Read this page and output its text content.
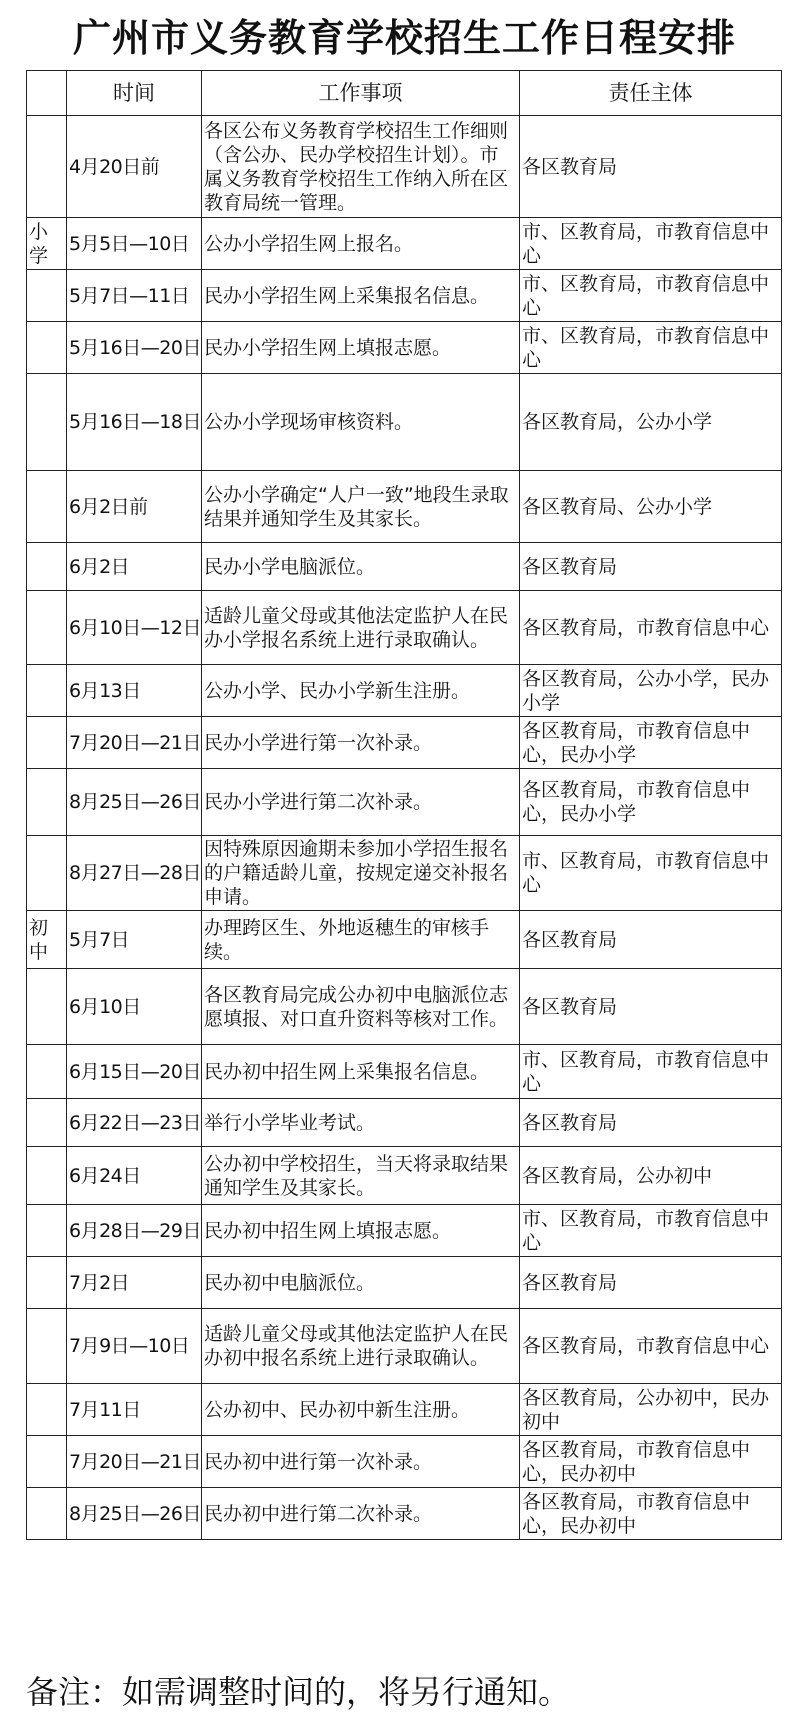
广州市义务教育学校招生工作日程安排
	时间	工作事项	责任主体
	4月20日前	各区公布义务教育学校招生工作细则（含公办、民办学校招生计划）。市属义务教育学校招生工作纳入所在区教育局统一管理。	各区教育局
小学	5月5日—10日	公办小学招生网上报名。	市、区教育局，市教育信息中心
	5月7日—11日	民办小学招生网上采集报名信息。	市、区教育局，市教育信息中心
	5月16日—20日	民办小学招生网上填报志愿。	市、区教育局，市教育信息中心
	5月16日—18日	公办小学现场审核资料。	各区教育局，公办小学
	6月2日前	公办小学确定“人户一致”地段生录取结果并通知学生及其家长。	各区教育局、公办小学
	6月2日	民办小学电脑派位。	各区教育局
	6月10日—12日	适龄儿童父母或其他法定监护人在民办小学报名系统上进行录取确认。	各区教育局，市教育信息中心
	6月13日	公办小学、民办小学新生注册。	各区教育局，公办小学，民办小学
	7月20日—21日	民办小学进行第一次补录。	各区教育局，市教育信息中心，民办小学
	8月25日—26日	民办小学进行第二次补录。	各区教育局，市教育信息中心，民办小学
	8月27日—28日	因特殊原因逾期未参加小学招生报名的户籍适龄儿童，按规定递交补报名申请。	市、区教育局，市教育信息中心
初中	5月7日	办理跨区生、外地返穗生的审核手续。	各区教育局
	6月10日	各区教育局完成公办初中电脑派位志愿填报、对口直升资料等核对工作。	各区教育局
	6月15日—20日	民办初中招生网上采集报名信息。	市、区教育局，市教育信息中心
	6月22日—23日	举行小学毕业考试。	各区教育局
	6月24日	公办初中学校招生，当天将录取结果通知学生及其家长。	各区教育局，公办初中
	6月28日—29日	民办初中招生网上填报志愿。	市、区教育局，市教育信息中心
	7月2日	民办初中电脑派位。	各区教育局
	7月9日—10日	适龄儿童父母或其他法定监护人在民办初中报名系统上进行录取确认。	各区教育局，市教育信息中心
	7月11日	公办初中、民办初中新生注册。	各区教育局，公办初中，民办初中
	7月20日—21日	民办初中进行第一次补录。	各区教育局，市教育信息中心，民办初中
	8月25日—26日	民办初中进行第二次补录。	各区教育局，市教育信息中心，民办初中
备注：如需调整时间的，将另行通知。
